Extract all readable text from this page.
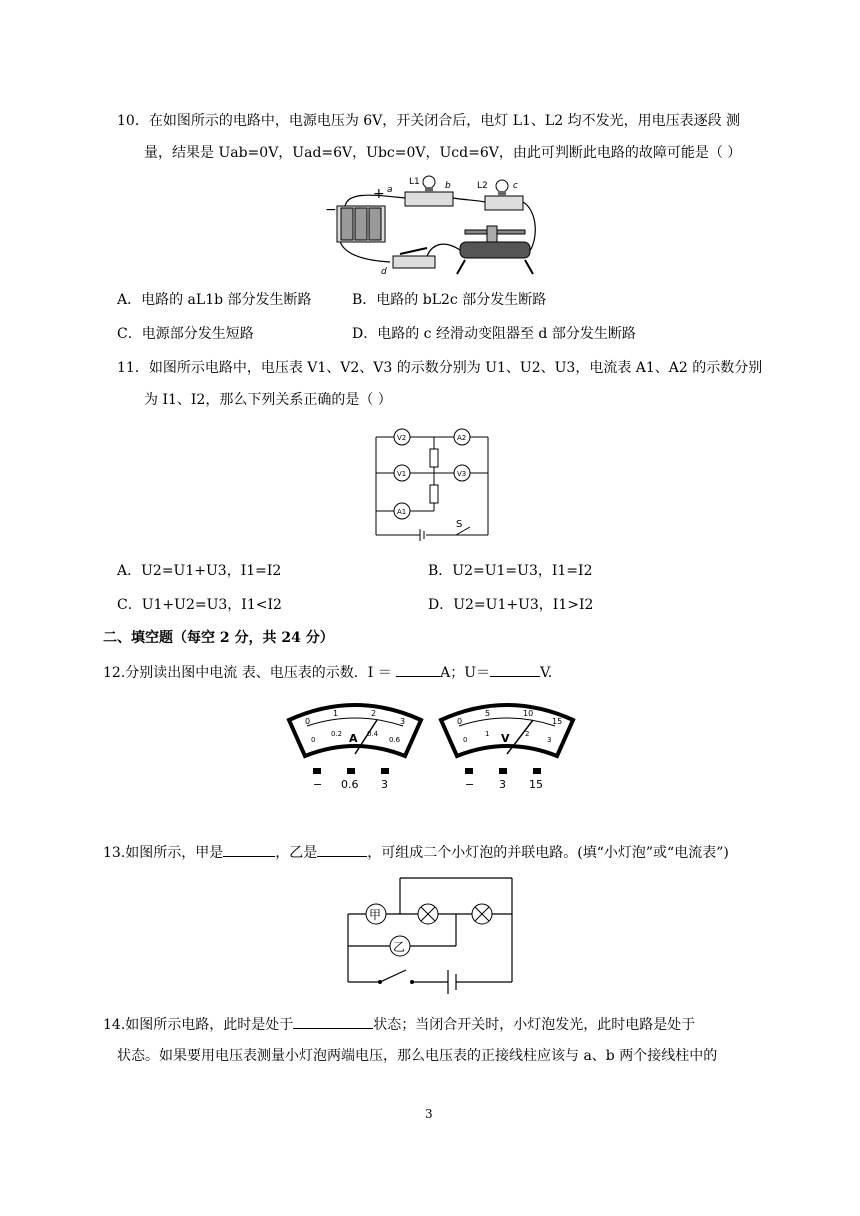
10．在如图所示的电路中，电源电压为 6V，开关闭合后，电灯 L1、L2 均不发光，用电压表逐段 测
量，结果是 Uab=0V，Uad=6V，Ubc=0V，Ucd=6V，由此可判断此电路的故障可能是（ ）
+
−
a
L1	b	L2	c
d
A．电路的 aL1b 部分发生断路	B．电路的 bL2c 部分发生断路
C．电源部分发生短路	D．电路的 c 经滑动变阻器至 d 部分发生断路
11．如图所示电路中，电压表 V1、V2、V3 的示数分别为 U1、U2、U3，电流表 A1、A2 的示数分别
为 I1、I2，那么下列关系正确的是（ ）
V2
V1	V3
A2
A1
S
A．U2=U1+U3，I1=I2	B．U2=U1=U3，I1=I2
C．U1+U2=U3，I1<I2	D．U2=U1+U3，I1>I2
二、填空题（每空 2 分，共 24 分）
12.分别读出图中电流 表、电压表的示数．I ＝	A；U＝	V.
0
1	2
3
0
0.2	0.4
0.6
A
− 0.6 3
0
5	10
15
0
1	2
3
V
− 3 15
13.如图所示，甲是	，乙是	，可组成二个小灯泡的并联电路。(填“小灯泡”或“电流表”)
甲
乙
14.如图所示电路，此时是处于	状态；当闭合开关时，小灯泡发光，此时电路是处于
状态。如果要用电压表测量小灯泡两端电压，那么电压表的正接线柱应该与 a、b 两个接线柱中的
3
